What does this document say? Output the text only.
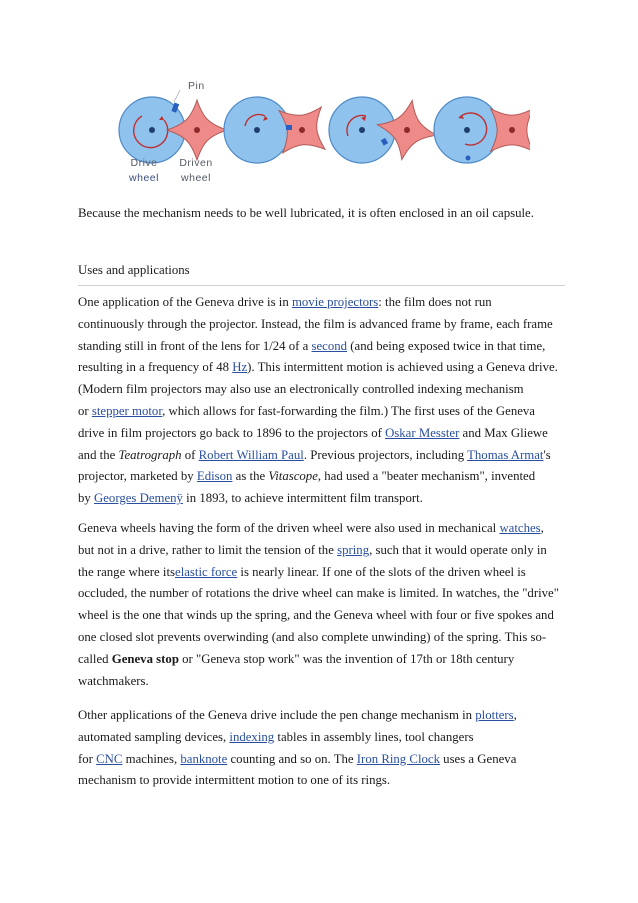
Pin
Drive
wheel
Driven
wheel

Because the mechanism needs to be well lubricated, it is often enclosed in an oil capsule.

Uses and applications

One application of the Geneva drive is in movie projectors: the film does not run
continuously through the projector. Instead, the film is advanced frame by frame, each frame
standing still in front of the lens for 1/24 of a second (and being exposed twice in that time,
resulting in a frequency of 48 Hz). This intermittent motion is achieved using a Geneva drive.
(Modern film projectors may also use an electronically controlled indexing mechanism
or stepper motor, which allows for fast-forwarding the film.) The first uses of the Geneva
drive in film projectors go back to 1896 to the projectors of Oskar Messter and Max Gliewe
and the Teatrograph of Robert William Paul. Previous projectors, including Thomas Armat's
projector, marketed by Edison as the Vitascope, had used a "beater mechanism", invented
by Georges Demenÿ in 1893, to achieve intermittent film transport.
Geneva wheels having the form of the driven wheel were also used in mechanical watches,
but not in a drive, rather to limit the tension of the spring, such that it would operate only in
the range where itselastic force is nearly linear. If one of the slots of the driven wheel is
occluded, the number of rotations the drive wheel can make is limited. In watches, the "drive"
wheel is the one that winds up the spring, and the Geneva wheel with four or five spokes and
one closed slot prevents overwinding (and also complete unwinding) of the spring. This so-
called Geneva stop or "Geneva stop work" was the invention of 17th or 18th century
watchmakers.
Other applications of the Geneva drive include the pen change mechanism in plotters,
automated sampling devices, indexing tables in assembly lines, tool changers
for CNC machines, banknote counting and so on. The Iron Ring Clock uses a Geneva
mechanism to provide intermittent motion to one of its rings.
